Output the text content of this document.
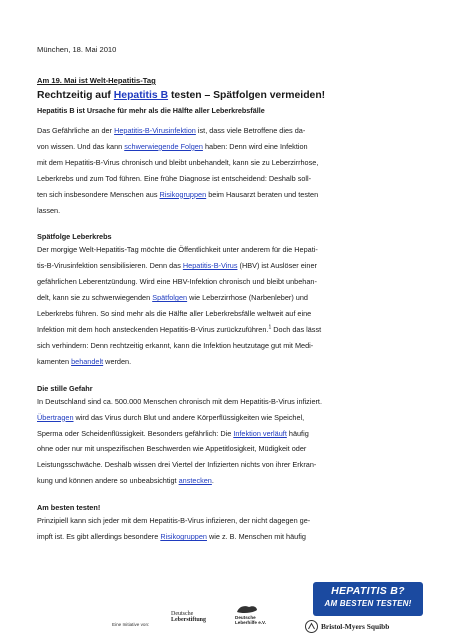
München, 18. Mai 2010

Am 19. Mai ist Welt-Hepatitis-Tag

Rechtzeitig auf Hepatitis B testen – Spätfolgen vermeiden!

Hepatitis B ist Ursache für mehr als die Hälfte aller Leberkrebsfälle

Das Gefährliche an der Hepatitis-B-Virusinfektion ist, dass viele Betroffene dies da-
von wissen. Und das kann schwerwiegende Folgen haben: Denn wird eine Infektion
mit dem Hepatitis-B-Virus chronisch und bleibt unbehandelt, kann sie zu Leberzirrhose,
Leberkrebs und zum Tod führen. Eine frühe Diagnose ist entscheidend: Deshalb soll-
ten sich insbesondere Menschen aus Risikogruppen beim Hausarzt beraten und testen
lassen.

Spätfolge Leberkrebs

Der morgige Welt-Hepatitis-Tag möchte die Öffentlichkeit unter anderem für die Hepati-
tis-B-Virusinfektion sensibilisieren. Denn das Hepatitis-B-Virus (HBV) ist Auslöser einer
gefährlichen Leberentzündung. Wird eine HBV-Infektion chronisch und bleibt unbehan-
delt, kann sie zu schwerwiegenden Spätfolgen wie Leberzirrhose (Narbenleber) und
Leberkrebs führen. So sind mehr als die Hälfte aller Leberkrebsfälle weltweit auf eine
Infektion mit dem hoch ansteckenden Hepatitis-B-Virus zurückzuführen.$^1$ Doch das lässt
sich verhindern: Denn rechtzeitig erkannt, kann die Infektion heutzutage gut mit Medi-
kamenten behandelt werden.

Die stille Gefahr

In Deutschland sind ca. 500.000 Menschen chronisch mit dem Hepatitis-B-Virus infiziert.
Übertragen wird das Virus durch Blut und andere Körperflüssigkeiten wie Speichel,
Sperma oder Scheidenflüssigkeit. Besonders gefährlich: Die Infektion verläuft häufig
ohne oder nur mit unspezifischen Beschwerden wie Appetitlosigkeit, Müdigkeit oder
Leistungsschwäche. Deshalb wissen drei Viertel der Infizierten nichts von ihrer Erkran-
kung und können andere so unbeabsichtigt anstecken.

Am besten testen!

Prinzipiell kann sich jeder mit dem Hepatitis-B-Virus infizieren, der nicht dagegen ge-
impft ist. Es gibt allerdings besondere Risikogruppen wie z. B. Menschen mit häufig
Eine Initiative von:
Deutsche
Leberstiftung	Deutsche
Leberhilfe e.V.
HEPATITIS B?
AM BESTEN TESTEN!
Bristol-Myers Squibb
